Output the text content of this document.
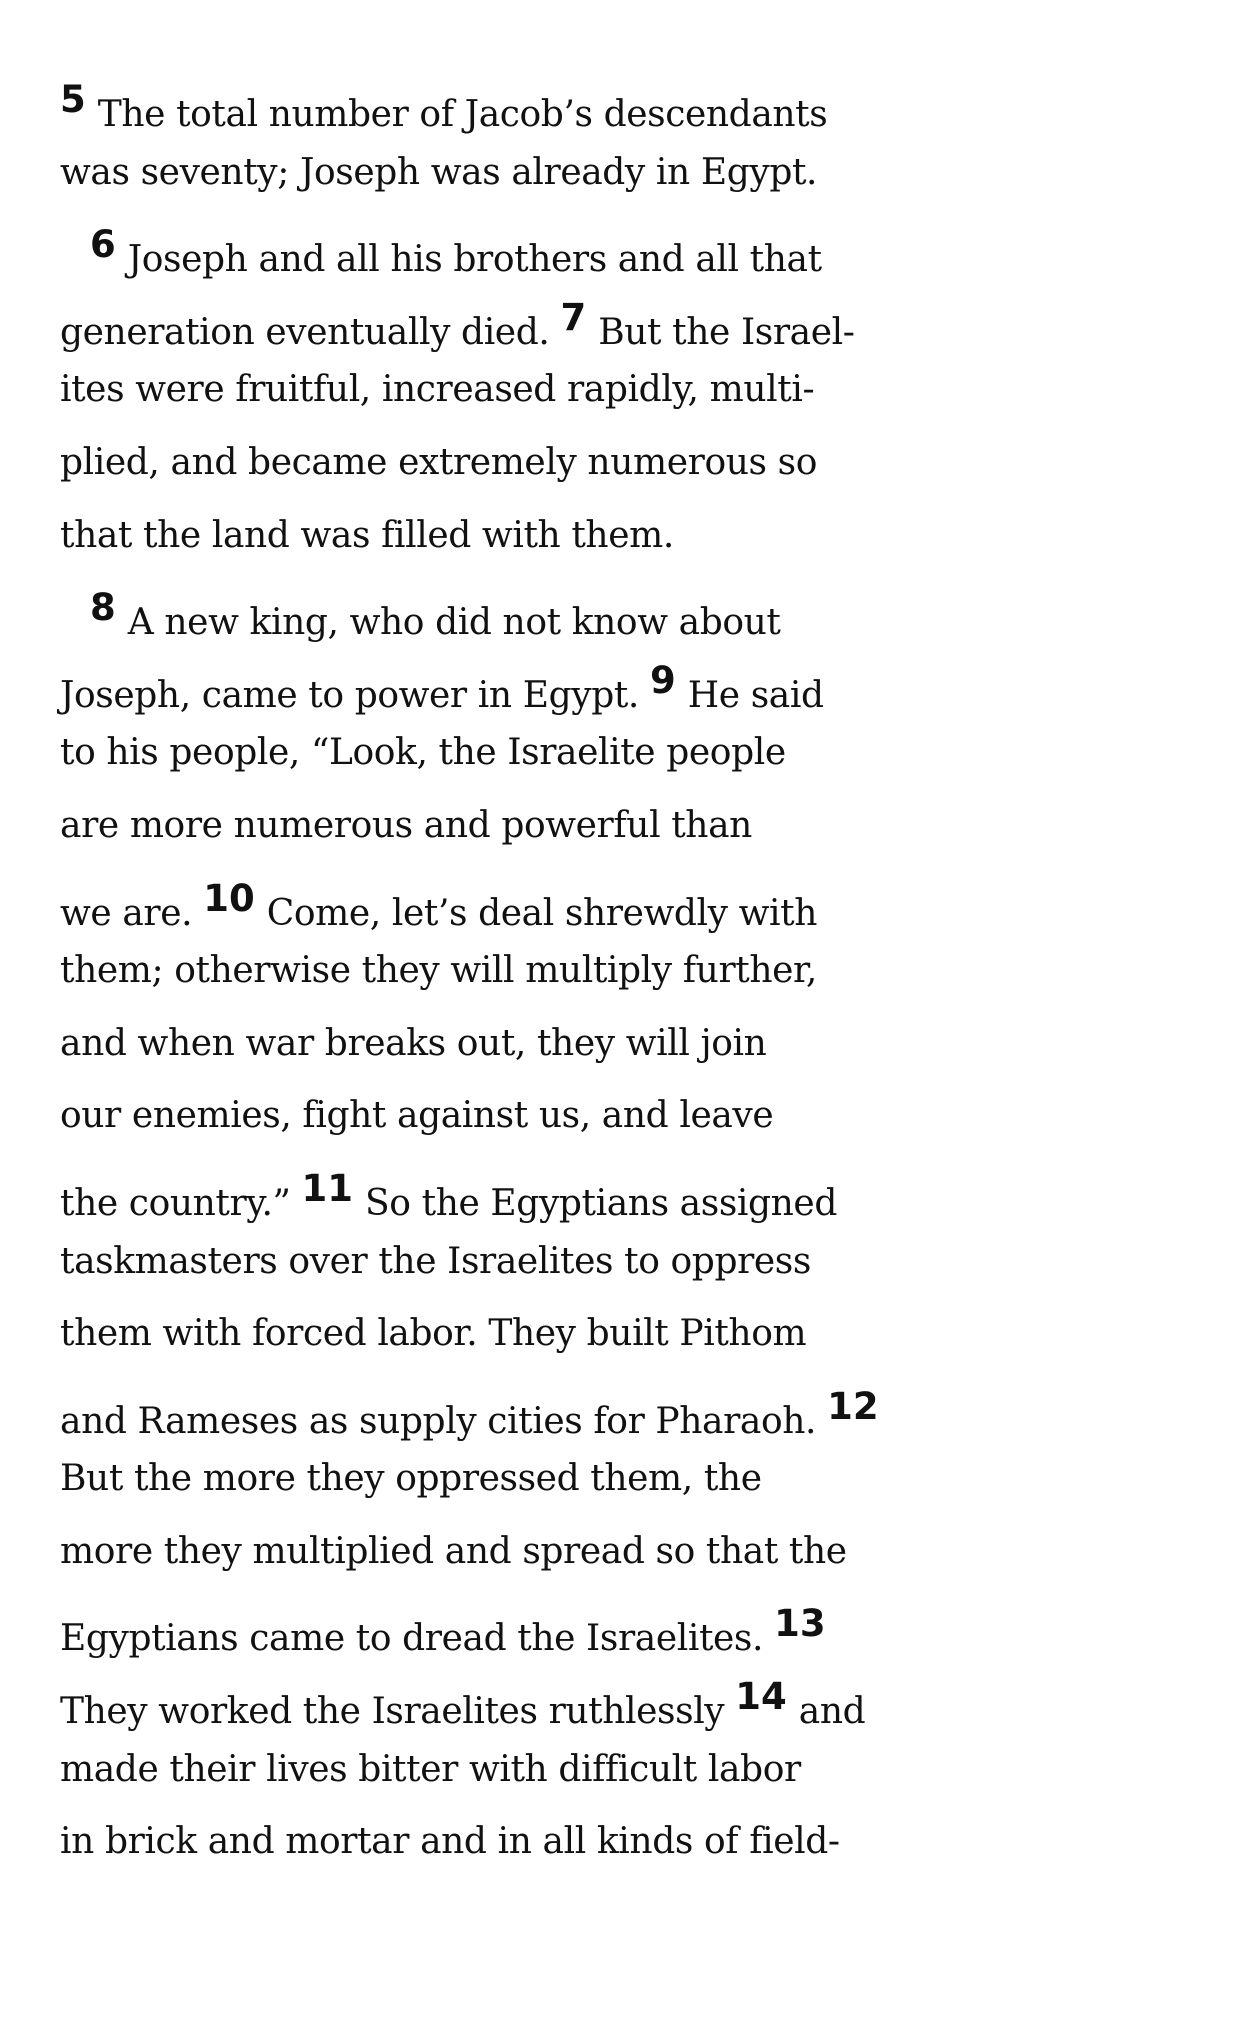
5 The total number of Jacob’s descendants
was seventy; Joseph was already in Egypt.
6 Joseph and all his brothers and all that
generation eventually died. 7 But the Israel-
ites were fruitful, increased rapidly, multi-
plied, and became extremely numerous so
that the land was filled with them.
8 A new king, who did not know about
Joseph, came to power in Egypt. 9 He said
to his people, “Look, the Israelite people
are more numerous and powerful than
we are. 10 Come, let’s deal shrewdly with
them; otherwise they will multiply further,
and when war breaks out, they will join
our enemies, fight against us, and leave
the country.” 11 So the Egyptians assigned
taskmasters over the Israelites to oppress
them with forced labor. They built Pithom
and Rameses as supply cities for Pharaoh. 12
But the more they oppressed them, the
more they multiplied and spread so that the
Egyptians came to dread the Israelites. 13
They worked the Israelites ruthlessly 14 and
made their lives bitter with difficult labor
in brick and mortar and in all kinds of field-
